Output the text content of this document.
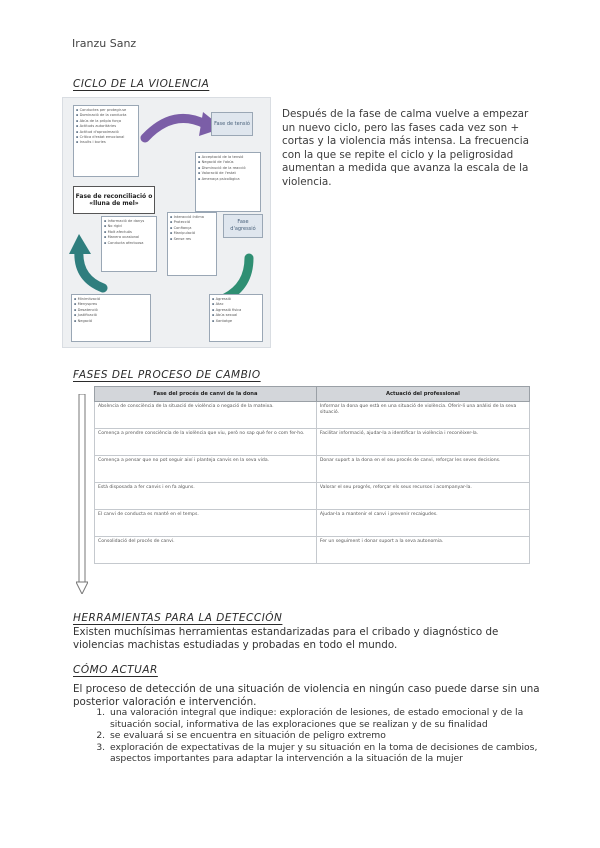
Iranzu Sanz
CICLO DE LA VIOLENCIA
▪ Conductes per protegir-se
▪ Dominació de la conducta
▪ Abús de la pròpia força
▪ Actituds autoritàries
▪ Actitud d'aproximació
▪ Crítica d'estat emocional
▪ Insults i burles
Fase de tensió
▪ Acceptació de la tensió
▪ Negació de l'abús
▪ Disminució de la reacció
▪ Valoració de l'estat
▪ Amenaça psicològica
Fase de reconciliació o «lluna de mel»
▪ Informació de danys
▪ No rígid
▪ Molt afectuós
▪ Manera ocasional
▪ Conducta afectuosa
▪ Interacció íntima
▪ Protecció
▪ Confiança
▪ Manipulació
▪ Sense res
Fase d'agressió
▪ Minimització
▪ Menyspreu
▪ Desatenció
▪ Justificació
▪ Negació
▪ Agressió
▪ Atac
▪ Agressió física
▪ Abús sexual
▪ Xantatge
Después de la fase de calma vuelve a empezar un nuevo ciclo, pero las fases cada vez son + cortas y la violencia más intensa. La frecuencia con la que se repite el ciclo y la peligrosidad aumentan a medida que avanza la escala de la violencia.
FASES DEL PROCESO DE CAMBIO
Fase del procés de canvi de la dona	Actuació del professional
Absència de consciència de la situació de violència o negació de la mateixa.	Informar la dona que està en una situació de violència. Oferir-li una anàlisi de la seva situació.
Comença a prendre consciència de la violència que viu, però no sap què fer o com fer-ho.	Facilitar informació, ajudar-la a identificar la violència i reconèixer-la.
Comença a pensar que no pot seguir així i planteja canvis en la seva vida.	Donar suport a la dona en el seu procés de canvi, reforçar les seves decisions.
Està disposada a fer canvis i en fa alguns.	Valorar el seu progrés, reforçar els seus recursos i acompanyar-la.
El canvi de conducta es manté en el temps.	Ajudar-la a mantenir el canvi i prevenir recaigudes.
Consolidació del procés de canvi.	Fer un seguiment i donar suport a la seva autonomia.
HERRAMIENTAS PARA LA DETECCIÓN
Existen muchísimas herramientas estandarizadas para el cribado y diagnóstico de violencias machistas estudiadas y probadas en todo el mundo.
CÓMO ACTUAR
El proceso de detección de una situación de violencia en ningún caso puede darse sin una posterior valoración e intervención.
1. una valoración integral que indique: exploración de lesiones, de estado emocional y de la situación social, informativa de las exploraciones que se realizan y de su finalidad
2. se evaluará si se encuentra en situación de peligro extremo
3. exploración de expectativas de la mujer y su situación en la toma de decisiones de cambios, aspectos importantes para adaptar la intervención a la situación de la mujer
